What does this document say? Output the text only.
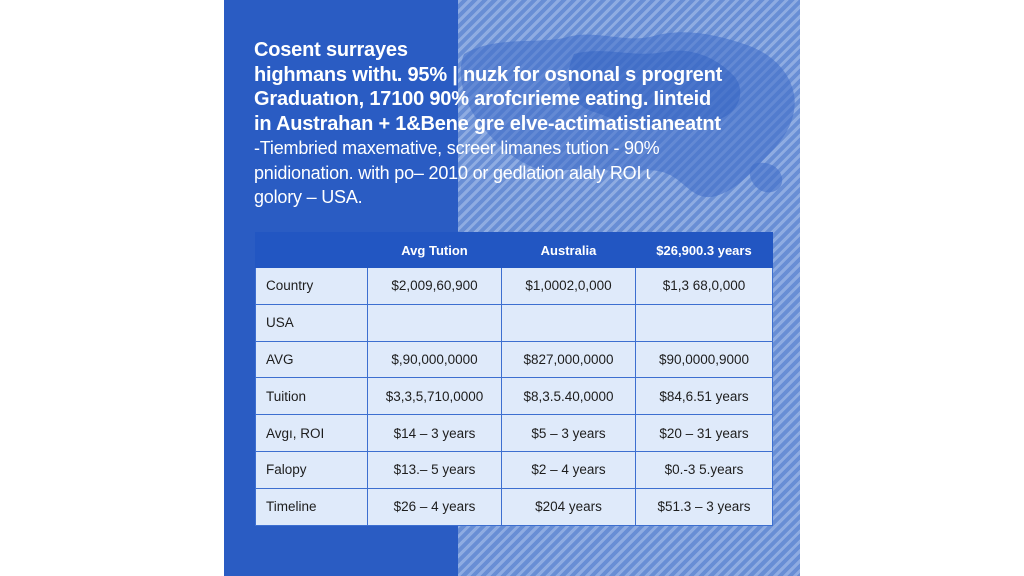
Cosent surrayes
highmans withɩ. 95% | nuzk for osnonal s progrent
Graduatıon, 17100 90% arofcırieme eating. Iinteid
in Austrahan + 1&Bene gre elve-actimatistianeatnt
-Tiembried maxemative, screer limanes tution - 90%
pnidionation. with po– 2010 or gedlation alaly ROI ɩ
golory – USA.
	Avg Tution	Australia	$26,900.3 years
Country	$2,009,60,900	$1,0002,0,000	$1,3 68,0,000
USA			
AVG	$,90,000,0000	$827,000,0000	$90,0000,9000
Tuition	$3,3,5,710,0000	$8,3.5.40,0000	$84,6.51 years
Avgı, ROI	$14 – 3 years	$5 – 3 years	$20 – 31 years
Falopy	$13.– 5 years	$2 – 4 years	$0.-3 5.years
Timeline	$26 – 4 years	$204 years	$51.3 – 3 years
